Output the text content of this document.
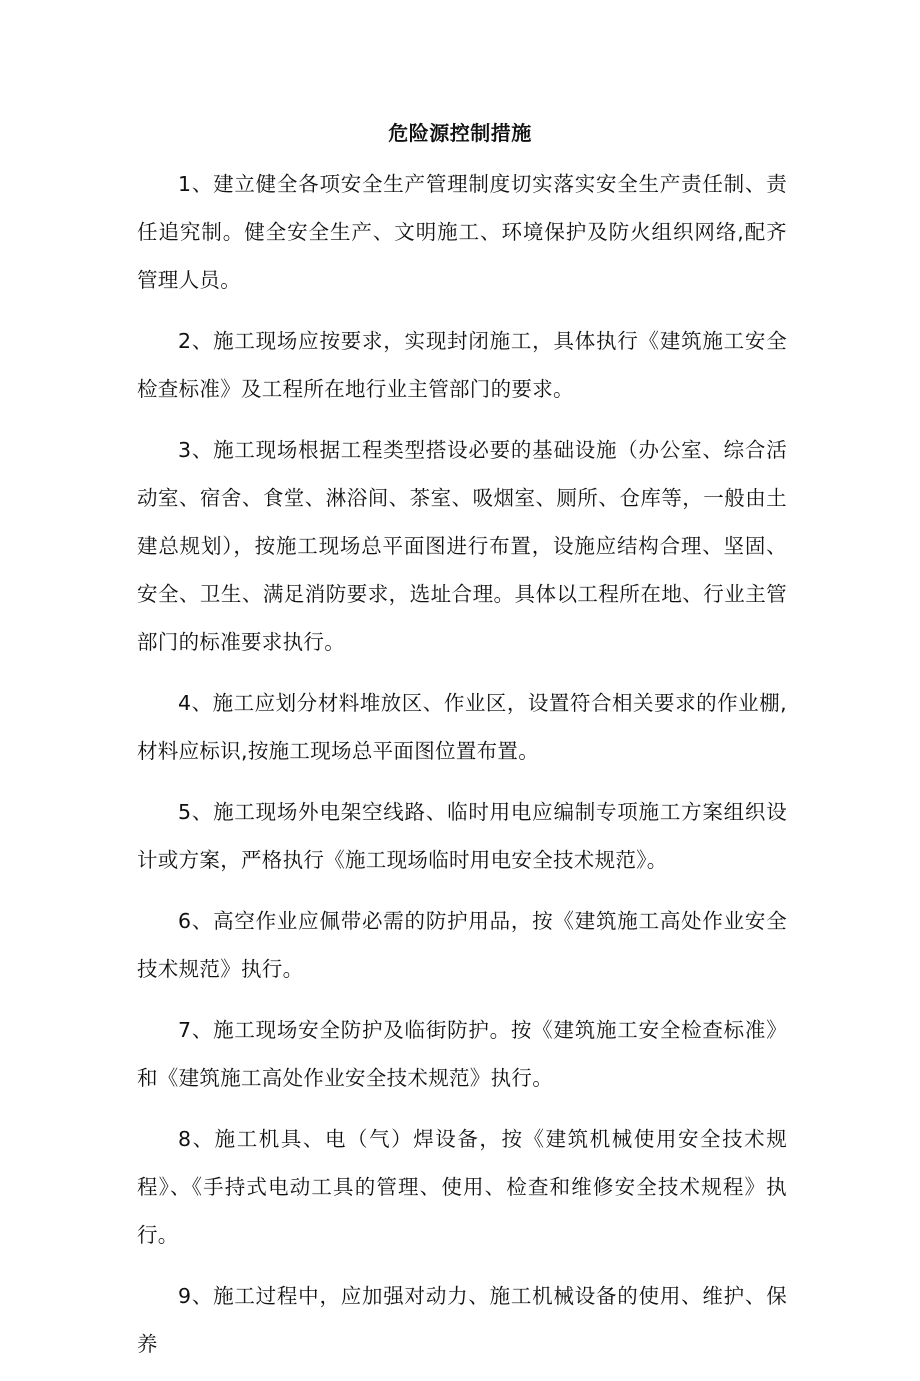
危险源控制措施

1、建立健全各项安全生产管理制度切实落实安全生产责任制、责任追究制。健全安全生产、文明施工、环境保护及防火组织网络,配齐管理人员。

2、施工现场应按要求，实现封闭施工，具体执行《建筑施工安全检查标准》及工程所在地行业主管部门的要求。

3、施工现场根据工程类型搭设必要的基础设施（办公室、综合活动室、宿舍、食堂、淋浴间、茶室、吸烟室、厕所、仓库等，一般由土建总规划），按施工现场总平面图进行布置，设施应结构合理、坚固、安全、卫生、满足消防要求，选址合理。具体以工程所在地、行业主管部门的标准要求执行。

4、施工应划分材料堆放区、作业区，设置符合相关要求的作业棚,材料应标识,按施工现场总平面图位置布置。

5、施工现场外电架空线路、临时用电应编制专项施工方案组织设计或方案，严格执行《施工现场临时用电安全技术规范》。

6、高空作业应佩带必需的防护用品，按《建筑施工高处作业安全技术规范》执行。

7、施工现场安全防护及临街防护。按《建筑施工安全检查标准》和《建筑施工高处作业安全技术规范》执行。

8、施工机具、电（气）焊设备，按《建筑机械使用安全技术规程》、《手持式电动工具的管理、使用、检查和维修安全技术规程》执行。

9、施工过程中，应加强对动力、施工机械设备的使用、维护、保养
